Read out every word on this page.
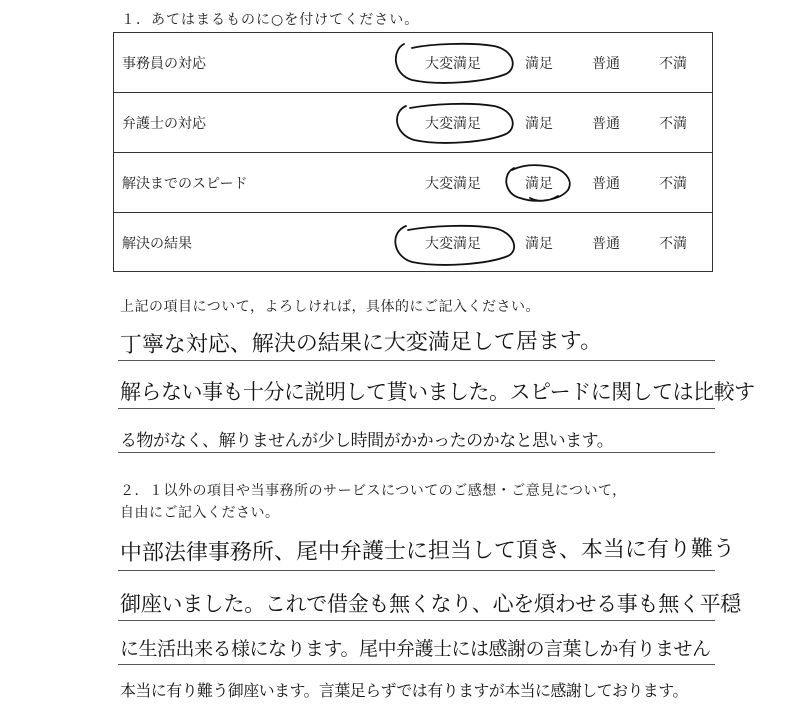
１．あてはまるものに○を付けてください。
事務員の対応	大変満足	満足	普通	不満
弁護士の対応	大変満足	満足	普通	不満
解決までのスピード	大変満足	満足	普通	不満
解決の結果	大変満足	満足	普通	不満
上記の項目について，よろしければ，具体的にご記入ください。
丁寧な対応、解決の結果に大変満足して居ます。
解らない事も十分に説明して貰いました。スピードに関しては比較す
る物がなく、解りませんが少し時間がかかったのかなと思います。
２．１以外の項目や当事務所のサービスについてのご感想・ご意見について，
自由にご記入ください。
中部法律事務所、尾中弁護士に担当して頂き、本当に有り難う
御座いました。これで借金も無くなり、心を煩わせる事も無く平穏
に生活出来る様になります。尾中弁護士には感謝の言葉しか有りません
本当に有り難う御座います。言葉足らずでは有りますが本当に感謝しております。
